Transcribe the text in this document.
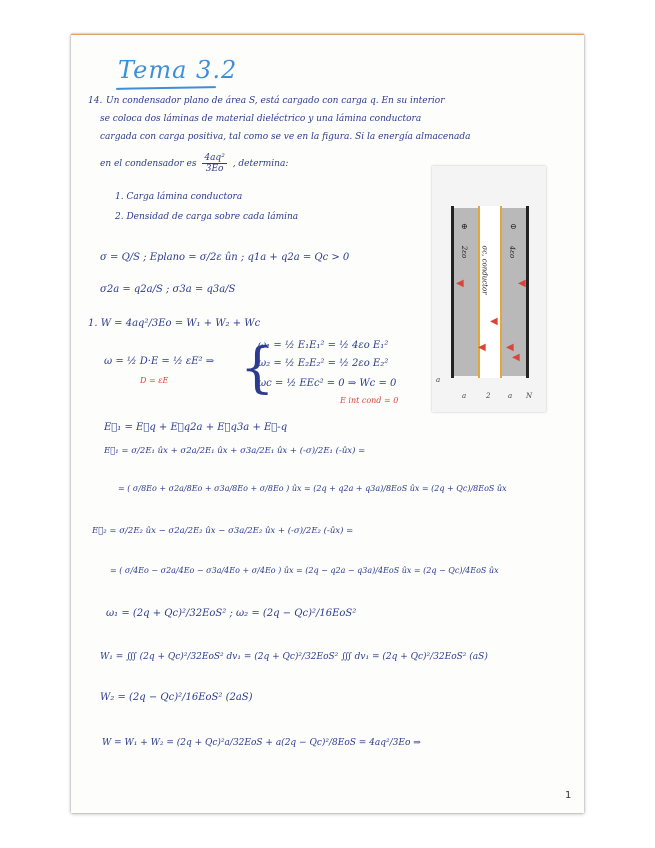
Tema 3.2
14. Un condensador plano de área S, está cargado con carga q. En su interior
se coloca dos láminas de material dieléctrico y una lámina conductora
cargada con carga positiva, tal como se ve en la figura. Si la energía almacenada
en el condensador es $\frac{\text{4aq²}}{3Eo}$ , determina:
1. Carga lámina conductora
2. Densidad de carga sobre cada lámina
⊕	⊖
2εo	4εo
σc, conductor
◀	◀
◀
◀ ◀
◀
a
a	2	a N
σ = Q/S ; Eplano = σ/2ε ûn ; q1a + q2a = Qc > 0
σ2a = q2a/S ; σ3a = q3a/S
1. W = 4aq²/3Eo = W₁ + W₂ + Wc
ω = ½ D·E = ½ εE² ⇒
D = εE {
ω₁ = ½ E₁E₁² = ½ 4εo E₁²
ω₂ = ½ E₂E₂² = ½ 2εo E₂²
ωc = ½ EEc² = 0 ⇒ Wc = 0
E int cond = 0
E⃗₁ = E⃗q + E⃗q2a + E⃗q3a + E⃗-q
E⃗₁ = σ/2E₁ ûx + σ2a/2E₁ ûx + σ3a/2E₁ ûx + (-σ)/2E₁ (-ûx) =
= ( σ/8Eo + σ2a/8Eo + σ3a/8Eo + σ/8Eo ) ûx = (2q + q2a + q3a)/8EoS ûx = (2q + Qc)/8EoS ûx
E⃗₂ = σ/2E₂ ûx − σ2a/2E₂ ûx − σ3a/2E₂ ûx + (-σ)/2E₂ (-ûx) =
= ( σ/4Eo − σ2a/4Eo − σ3a/4Eo + σ/4Eo ) ûx = (2q − q2a − q3a)/4EoS ûx = (2q − Qc)/4EoS ûx
ω₁ = (2q + Qc)²/32EoS² ; ω₂ = (2q − Qc)²/16EoS²
W₁ = ∭ (2q + Qc)²/32EoS² dv₁ = (2q + Qc)²/32EoS² ∭ dv₁ = (2q + Qc)²/32EoS² (aS)
W₂ = (2q − Qc)²/16EoS² (2aS)
W = W₁ + W₂ = (2q + Qc)²a/32EoS + a(2q − Qc)²/8EoS = 4aq²/3Eo ⇒
1
